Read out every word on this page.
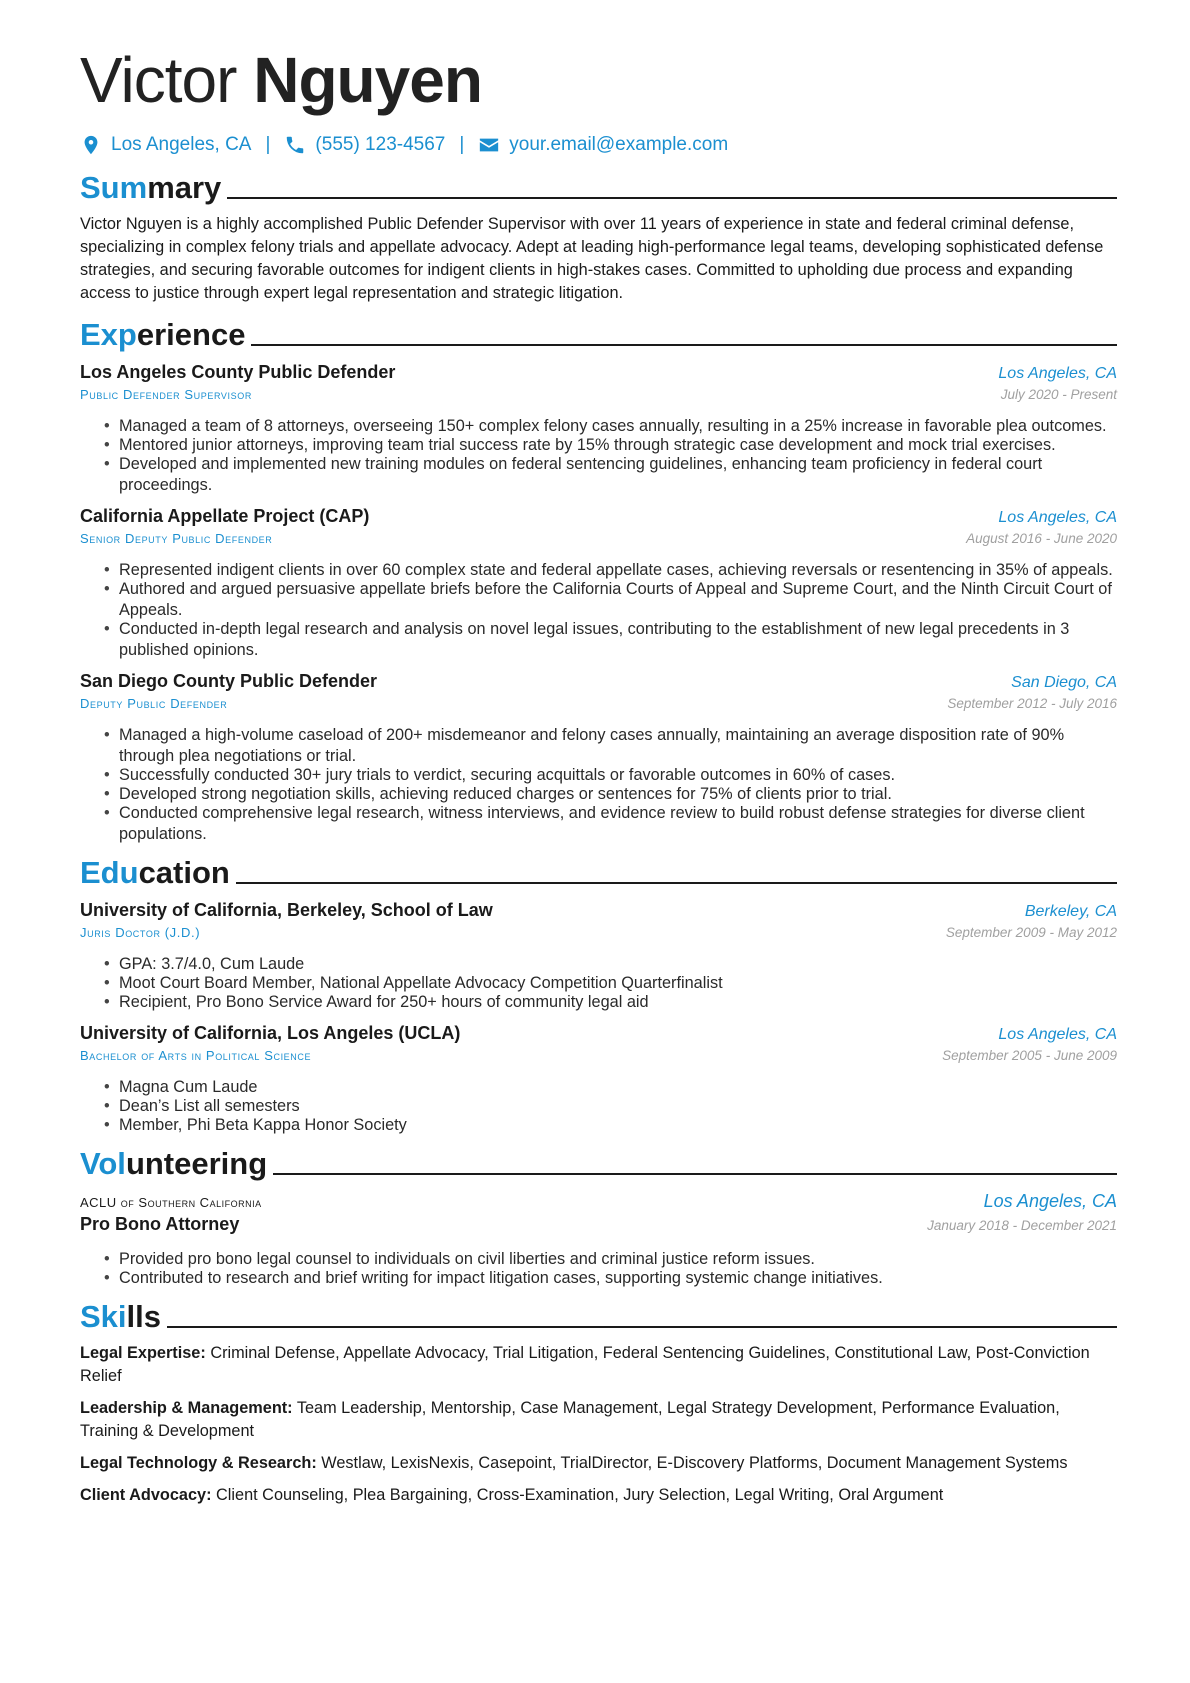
Victor Nguyen
Los Angeles, CA | (555) 123-4567 | your.email@example.com
Summary

Victor Nguyen is a highly accomplished Public Defender Supervisor with over 11 years of experience in state and federal criminal defense, specializing in complex felony trials and appellate advocacy. Adept at leading high-performance legal teams, developing sophisticated defense strategies, and securing favorable outcomes for indigent clients in high-stakes cases. Committed to upholding due process and expanding access to justice through expert legal representation and strategic litigation.

Experience
Los Angeles County Public Defender	Los Angeles, CA
Public Defender Supervisor	July 2020 - Present
• Managed a team of 8 attorneys, overseeing 150+ complex felony cases annually, resulting in a 25% increase in favorable plea outcomes.
• Mentored junior attorneys, improving team trial success rate by 15% through strategic case development and mock trial exercises.
• Developed and implemented new training modules on federal sentencing guidelines, enhancing team proficiency in federal court proceedings.
California Appellate Project (CAP)	Los Angeles, CA
Senior Deputy Public Defender	August 2016 - June 2020
• Represented indigent clients in over 60 complex state and federal appellate cases, achieving reversals or resentencing in 35% of appeals.
• Authored and argued persuasive appellate briefs before the California Courts of Appeal and Supreme Court, and the Ninth Circuit Court of Appeals.
• Conducted in-depth legal research and analysis on novel legal issues, contributing to the establishment of new legal precedents in 3 published opinions.
San Diego County Public Defender	San Diego, CA
Deputy Public Defender	September 2012 - July 2016
• Managed a high-volume caseload of 200+ misdemeanor and felony cases annually, maintaining an average disposition rate of 90% through plea negotiations or trial.
• Successfully conducted 30+ jury trials to verdict, securing acquittals or favorable outcomes in 60% of cases.
• Developed strong negotiation skills, achieving reduced charges or sentences for 75% of clients prior to trial.
• Conducted comprehensive legal research, witness interviews, and evidence review to build robust defense strategies for diverse client populations.
Education
University of California, Berkeley, School of Law	Berkeley, CA
Juris Doctor (J.D.)	September 2009 - May 2012
• GPA: 3.7/4.0, Cum Laude
• Moot Court Board Member, National Appellate Advocacy Competition Quarterfinalist
• Recipient, Pro Bono Service Award for 250+ hours of community legal aid
University of California, Los Angeles (UCLA)	Los Angeles, CA
Bachelor of Arts in Political Science	September 2005 - June 2009
• Magna Cum Laude
• Dean’s List all semesters
• Member, Phi Beta Kappa Honor Society
Volunteering
ACLU of Southern California	Los Angeles, CA
Pro Bono Attorney	January 2018 - December 2021
• Provided pro bono legal counsel to individuals on civil liberties and criminal justice reform issues.
• Contributed to research and brief writing for impact litigation cases, supporting systemic change initiatives.
Skills

Legal Expertise: Criminal Defense, Appellate Advocacy, Trial Litigation, Federal Sentencing Guidelines, Constitutional Law, Post-Conviction Relief

Leadership & Management: Team Leadership, Mentorship, Case Management, Legal Strategy Development, Performance Evaluation, Training & Development

Legal Technology & Research: Westlaw, LexisNexis, Casepoint, TrialDirector, E-Discovery Platforms, Document Management Systems

Client Advocacy: Client Counseling, Plea Bargaining, Cross-Examination, Jury Selection, Legal Writing, Oral Argument
